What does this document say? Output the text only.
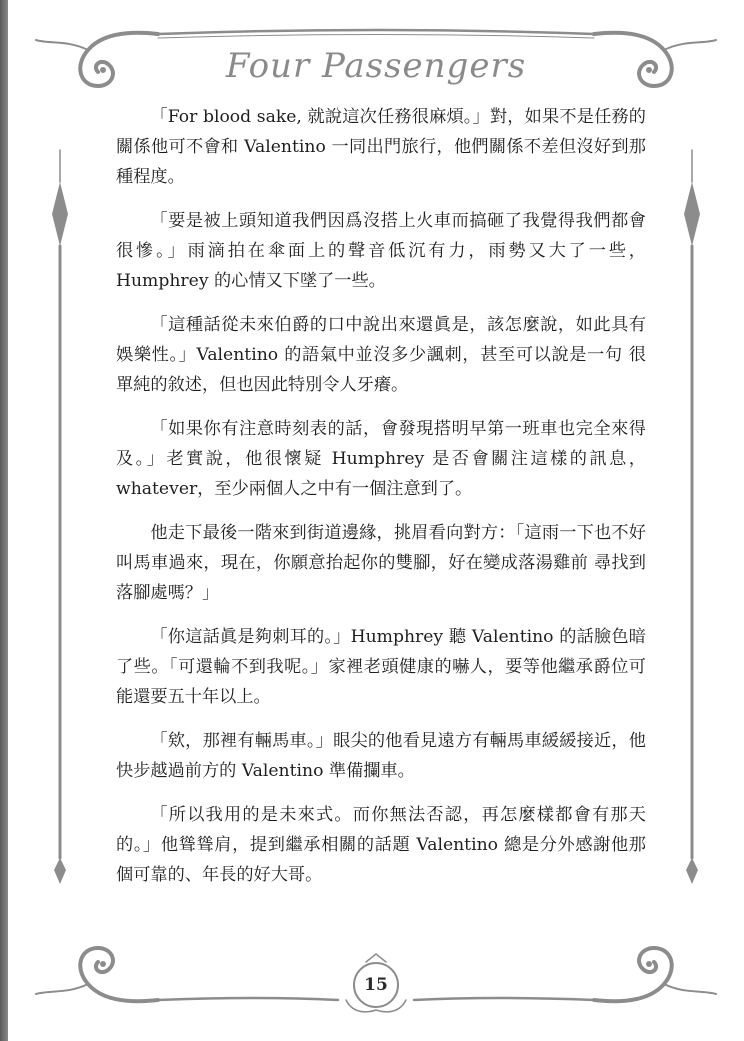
Four Passengers

「For blood sake, 就說這次任務很麻煩。」對，如果不是任務的關係他可不會和 Valentino 一同出門旅行，他們關係不差但沒好到那種程度。

「要是被上頭知道我們因爲沒搭上火車而搞砸了我覺得我們都會很慘。」雨滴拍在傘面上的聲音低沉有力，雨勢又大了一些，Humphrey 的心情又下墜了一些。

「這種話從未來伯爵的口中說出來還眞是，該怎麼說，如此具有娛樂性。」Valentino 的語氣中並沒多少諷刺，甚至可以說是一句 很單純的敘述，但也因此特別令人牙癢。

「如果你有注意時刻表的話，會發現搭明早第一班車也完全來得及。」老實說，他很懷疑 Humphrey 是否會關注這樣的訊息，whatever，至少兩個人之中有一個注意到了。

他走下最後一階來到街道邊緣，挑眉看向對方：「這雨一下也不好叫馬車過來，現在，你願意抬起你的雙腳，好在變成落湯雞前 尋找到落腳處嗎？」

「你這話眞是夠刺耳的。」Humphrey 聽 Valentino 的話臉色暗了些。「可還輪不到我呢。」家裡老頭健康的嚇人，要等他繼承爵位可能還要五十年以上。

「欸，那裡有輛馬車。」眼尖的他看見遠方有輛馬車緩緩接近，他快步越過前方的 Valentino 準備攔車。

「所以我用的是未來式。而你無法否認，再怎麼樣都會有那天的。」他聳聳肩，提到繼承相關的話題 Valentino 總是分外感謝他那個可靠的、年長的好大哥。

15
